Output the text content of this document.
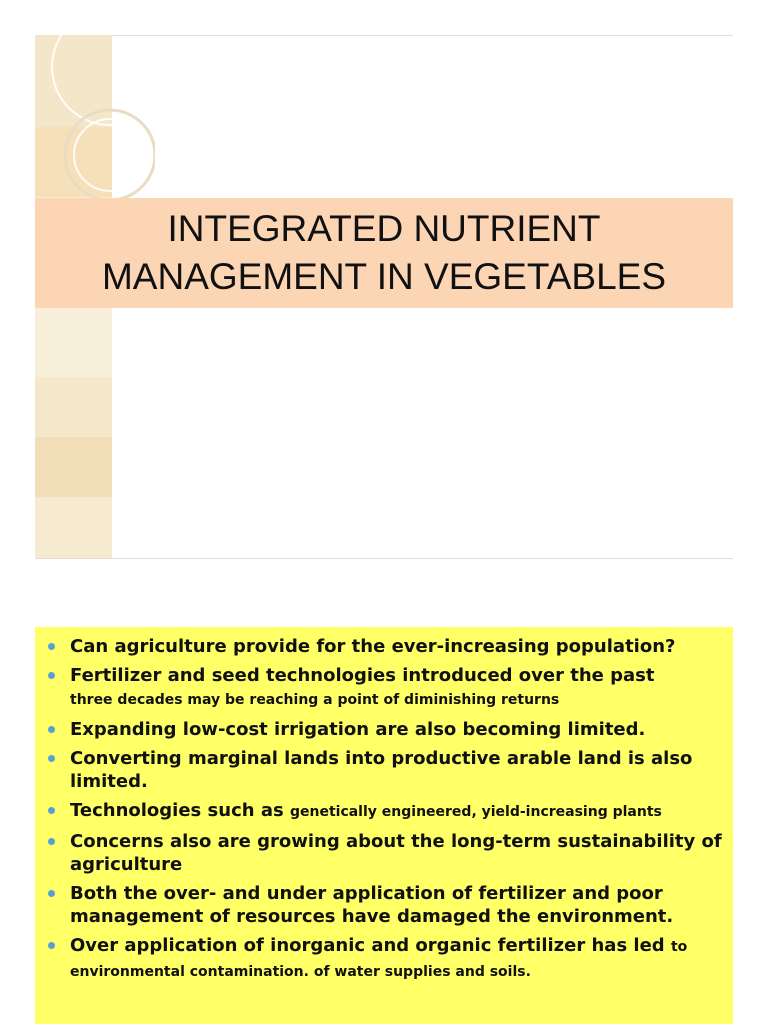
INTEGRATED NUTRIENT
MANAGEMENT IN VEGETABLES
Can agriculture provide for the ever-increasing population?
Fertilizer and seed technologies introduced over the past
three decades may be reaching a point of diminishing returns
Expanding low-cost irrigation are also becoming limited.
Converting marginal lands into productive arable land is also limited.
Technologies such as genetically engineered, yield-increasing plants
Concerns also are growing about the long-term sustainability of agriculture
Both the over- and under application of fertilizer and poor management of resources have damaged the environment.
Over application of inorganic and organic fertilizer has led to environmental contamination. of water supplies and soils.
